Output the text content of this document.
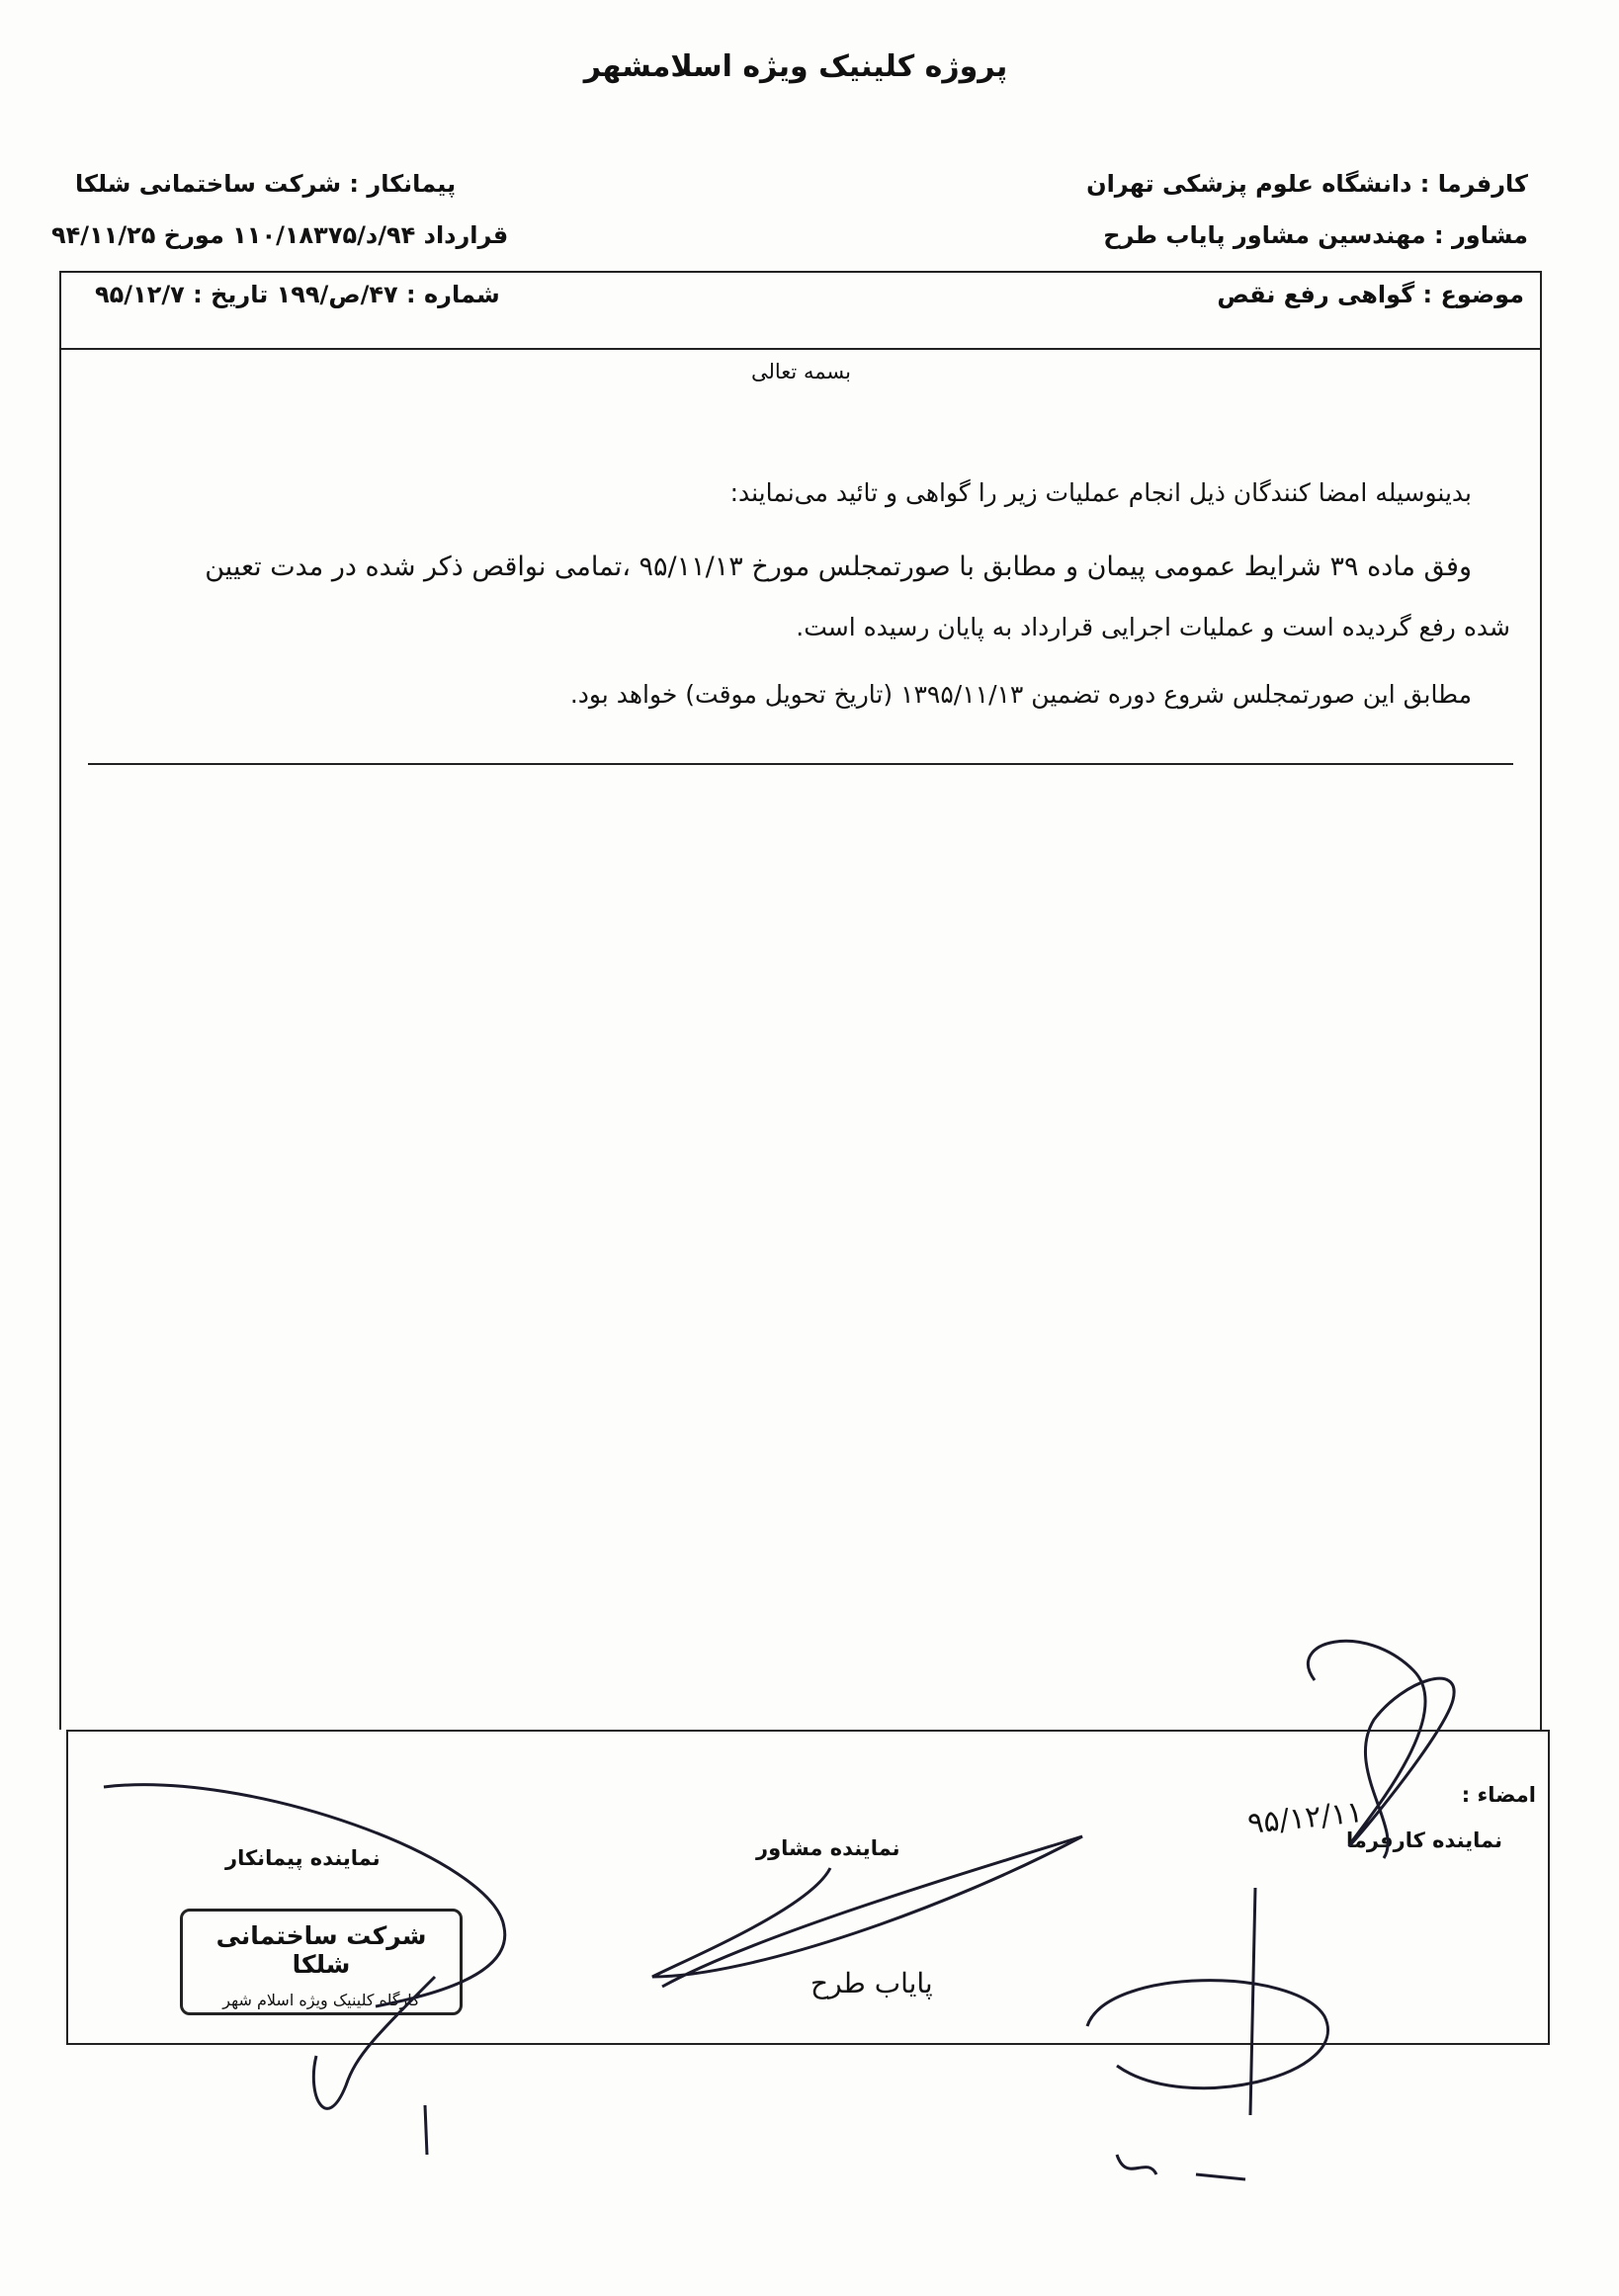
پروژه کلینیک ویژه اسلامشهر
کارفرما : دانشگاه علوم پزشکی تهران
مشاور : مهندسین مشاور پایاب طرح
پیمانکار : شرکت ساختمانی شلکا
قرارداد ۹۴/د/۱۱۰/۱۸۳۷۵ مورخ ۹۴/۱۱/۲۵
موضوع : گواهی رفع نقص
شماره : ۴۷/ص/۱۹۹ تاریخ : ۹۵/۱۲/۷
بسمه تعالی
بدینوسیله امضا کنندگان ذیل انجام عملیات زیر را گواهی و تائید می‌نمایند:
وفق ماده ۳۹ شرایط عمومی پیمان و مطابق با صورتمجلس مورخ ۹۵/۱۱/۱۳ ،تمامی نواقص ذکر شده در مدت تعیین
شده رفع گردیده است و عملیات اجرایی قرارداد به پایان رسیده است.
مطابق این صورتمجلس شروع دوره تضمین ۱۳۹۵/۱۱/۱۳ (تاریخ تحویل موقت) خواهد بود.
امضاء :
نماینده کارفرما
نماینده مشاور
نماینده پیمانکار
۹۵/۱۲/۱۱
پایاب طرح
شرکت ساختمانی شلکا
کارگاه کلینیک ویژه اسلام شهر
